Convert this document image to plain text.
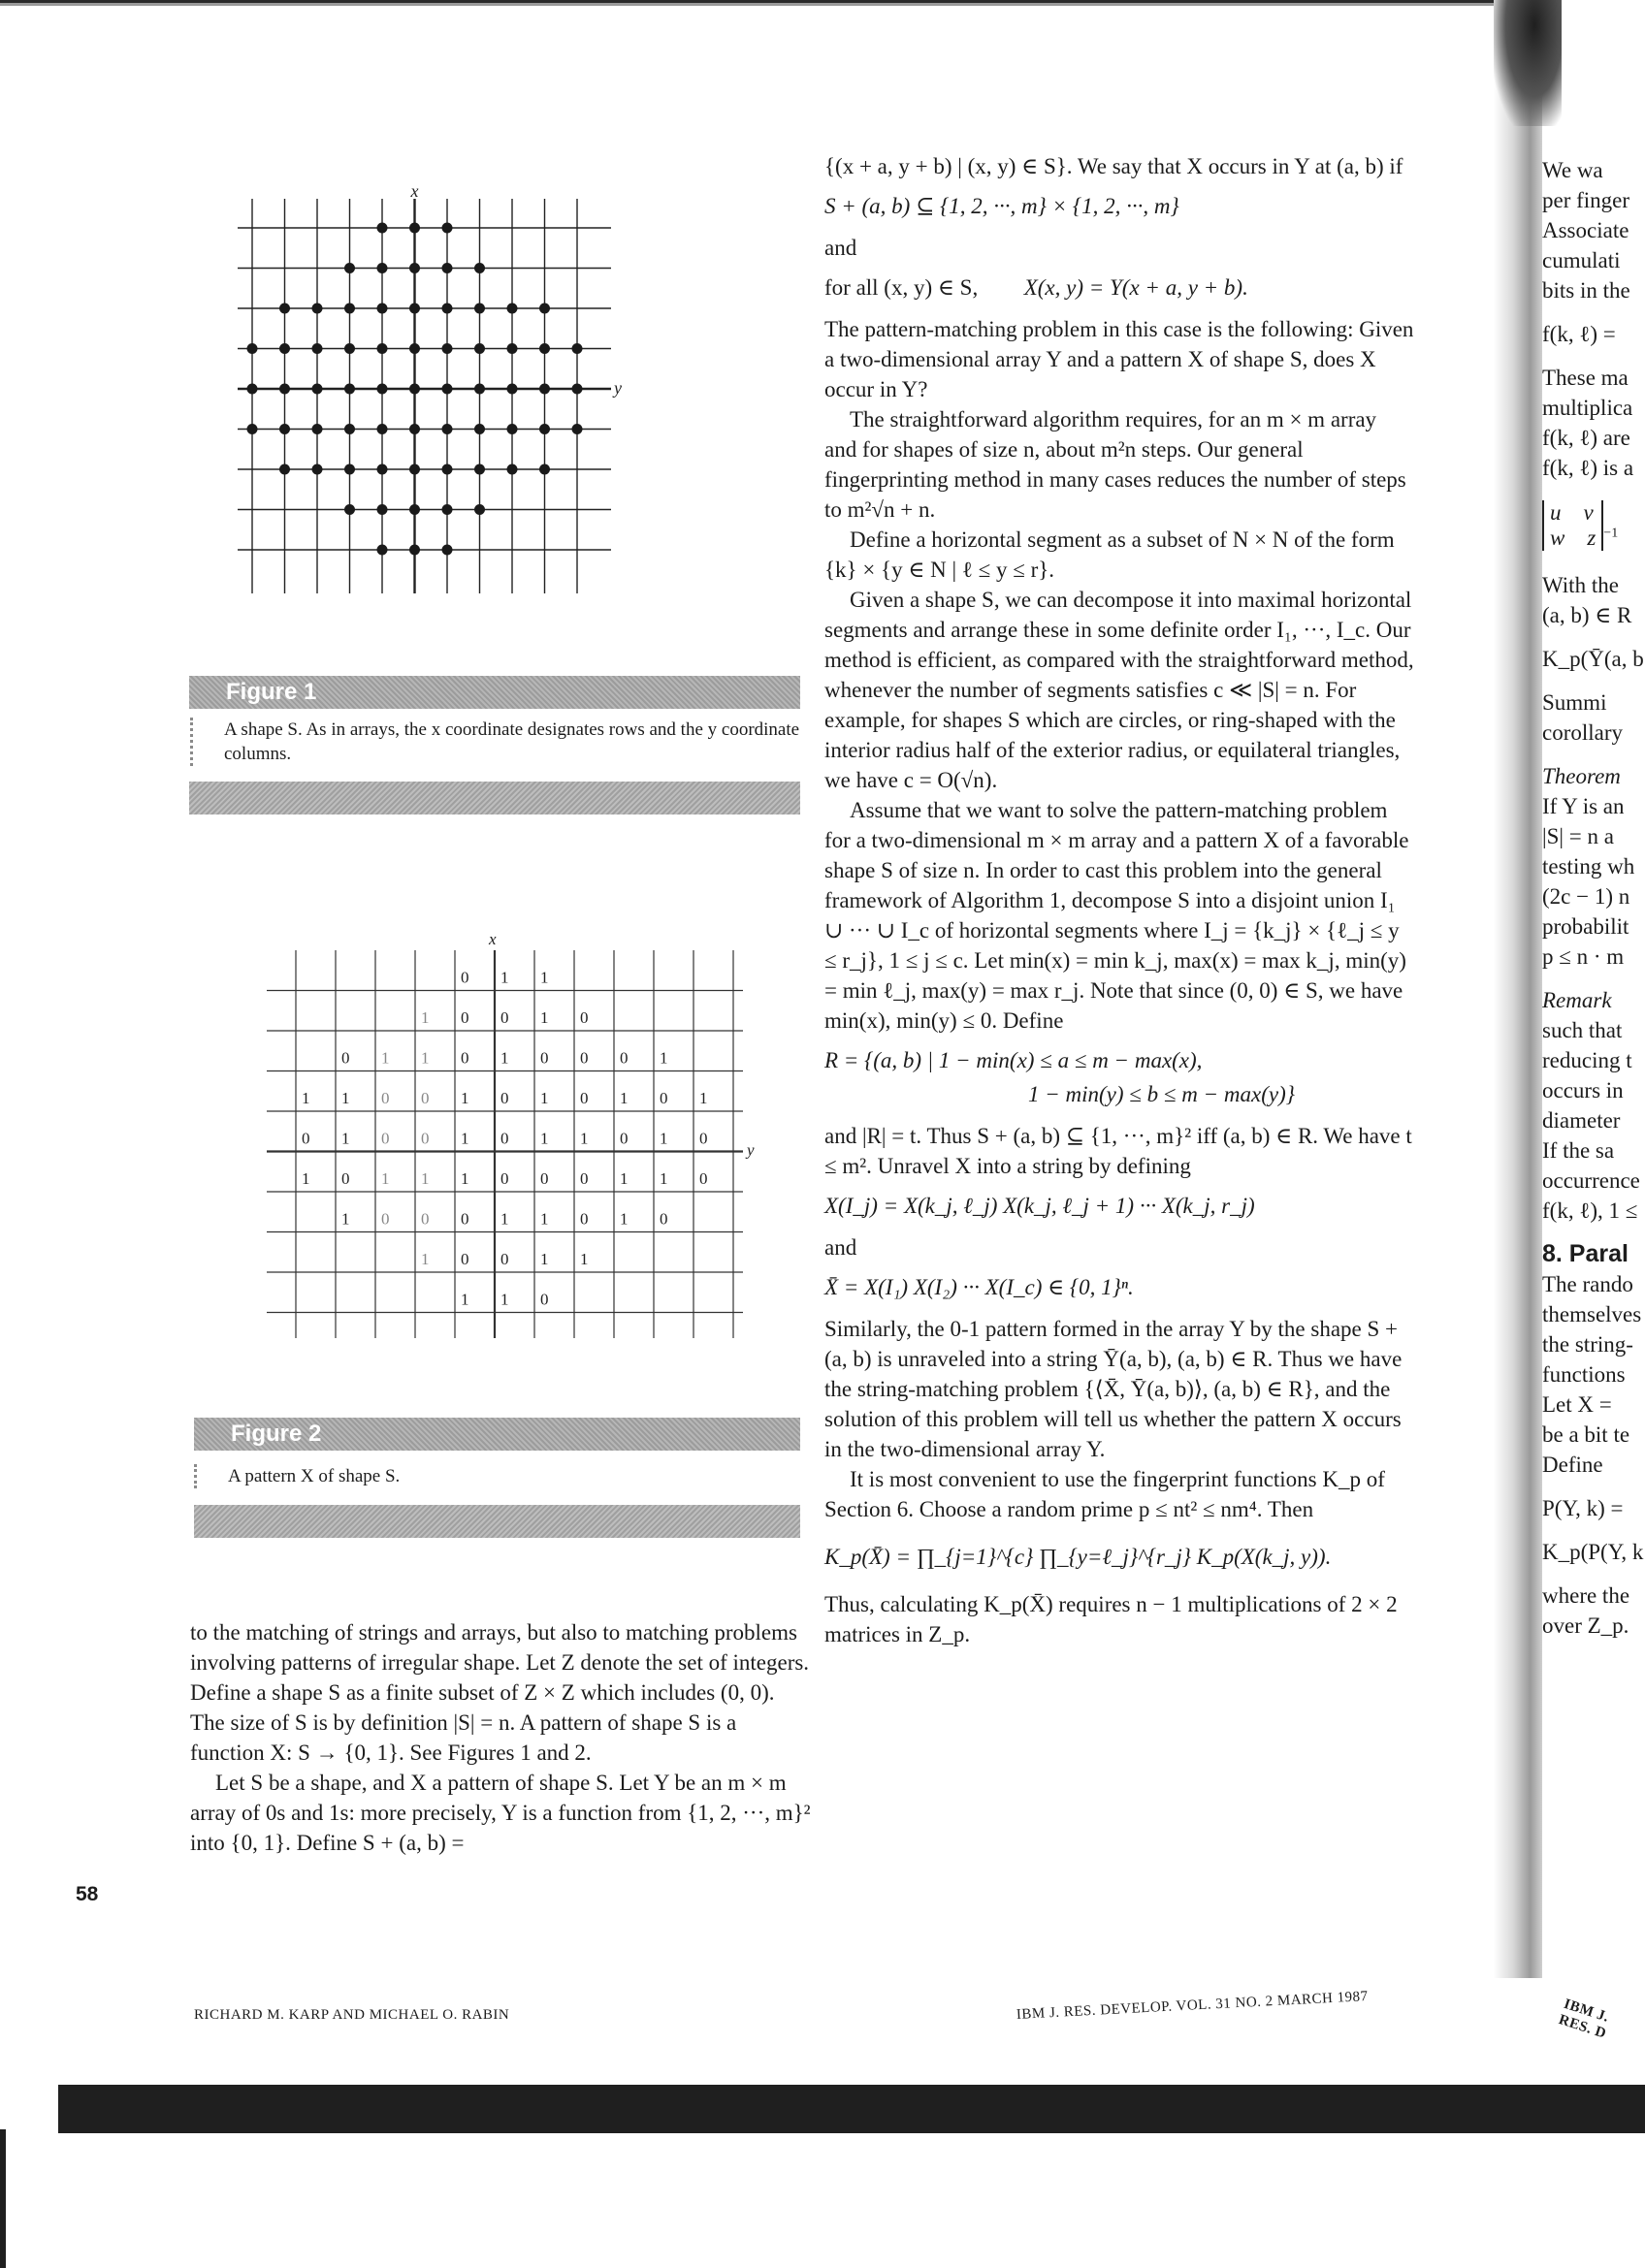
x
y
Figure 1
A shape S. As in arrays, the x coordinate designates rows and the y coordinate columns.
0 1 1
1 0 0 1 0
0 1 1 0 1 0 0 0 1
1 1 0 0 1 0 1 0 1 0 1
0 1 0 0 1 0 1 1 0 1 0
1 0 1 1 1 0 0 0 1 1 0
1 0 0 0 1 1 0 1 0
1 0 0 1 1
1 1 0
x
y
Figure 2
A pattern X of shape S.

to the matching of strings and arrays, but also to matching problems involving patterns of irregular shape. Let Z denote the set of integers. Define a shape S as a finite subset of Z × Z which includes (0, 0). The size of S is by definition |S| = n. A pattern of shape S is a function X: S → {0, 1}. See Figures 1 and 2.

Let S be a shape, and X a pattern of shape S. Let Y be an m × m array of 0s and 1s: more precisely, Y is a function from {1, 2, ···, m}² into {0, 1}. Define S + (a, b) =

58

{(x + a, y + b) | (x, y) ∈ S}. We say that X occurs in Y at (a, b) if

S + (a, b) ⊆ {1, 2, ···, m} × {1, 2, ···, m}

and

for all (x, y) ∈ S, X(x, y) = Y(x + a, y + b).

The pattern-matching problem in this case is the following: Given a two-dimensional array Y and a pattern X of shape S, does X occur in Y?

The straightforward algorithm requires, for an m × m array and for shapes of size n, about m²n steps. Our general fingerprinting method in many cases reduces the number of steps to m²√n + n.

Define a horizontal segment as a subset of N × N of the form {k} × {y ∈ N | ℓ ≤ y ≤ r}.

Given a shape S, we can decompose it into maximal horizontal segments and arrange these in some definite order I₁, ···, I_c. Our method is efficient, as compared with the straightforward method, whenever the number of segments satisfies c ≪ |S| = n. For example, for shapes S which are circles, or ring-shaped with the interior radius half of the exterior radius, or equilateral triangles, we have c = O(√n).

Assume that we want to solve the pattern-matching problem for a two-dimensional m × m array and a pattern X of a favorable shape S of size n. In order to cast this problem into the general framework of Algorithm 1, decompose S into a disjoint union I₁ ∪ ··· ∪ I_c of horizontal segments where I_j = {k_j} × {ℓ_j ≤ y ≤ r_j}, 1 ≤ j ≤ c. Let min(x) = min k_j, max(x) = max k_j, min(y) = min ℓ_j, max(y) = max r_j. Note that since (0, 0) ∈ S, we have min(x), min(y) ≤ 0. Define

R = {(a, b) | 1 − min(x) ≤ a ≤ m − max(x),

1 − min(y) ≤ b ≤ m − max(y)}

and |R| = t. Thus S + (a, b) ⊆ {1, ···, m}² iff (a, b) ∈ R. We have t ≤ m². Unravel X into a string by defining

X(I_j) = X(k_j, ℓ_j) X(k_j, ℓ_j + 1) ··· X(k_j, r_j)

and

X̄ = X(I₁) X(I₂) ··· X(I_c) ∈ {0, 1}ⁿ.

Similarly, the 0-1 pattern formed in the array Y by the shape S + (a, b) is unraveled into a string Ȳ(a, b), (a, b) ∈ R. Thus we have the string-matching problem {⟨X̄, Ȳ(a, b)⟩, (a, b) ∈ R}, and the solution of this problem will tell us whether the pattern X occurs in the two-dimensional array Y.

It is most convenient to use the fingerprint functions K_p of Section 6. Choose a random prime p ≤ nt² ≤ nm⁴. Then

K_p(X̄) = ∏_{j=1}^{c} ∏_{y=ℓ_j}^{r_j} K_p(X(k_j, y)).

Thus, calculating K_p(X̄) requires n − 1 multiplications of 2 × 2 matrices in Z_p.

We wa

per finger

Associate

cumulati

bits in the

f(k, ℓ) =

These ma

multiplica

f(k, ℓ) are

f(k, ℓ) is a

u v
w z $^{-1}$

With the

(a, b) ∈ R

K_p(Ȳ(a, b

Summi

corollary

Theorem

If Y is an

|S| = n a

testing wh

(2c − 1) n

probabilit

p ≤ n · m

Remark

such that

reducing t

occurs in

diameter

If the sa

occurrence

f(k, ℓ), 1 ≤

8. Paral

The rando

themselves

the string-

functions

Let X =

be a bit te

Define

P(Y, k) =

K_p(P(Y, k

where the

over Z_p.

RICHARD M. KARP AND MICHAEL O. RABIN	IBM J. RES. DEVELOP. VOL. 31 NO. 2 MARCH 1987	IBM J. RES. D
